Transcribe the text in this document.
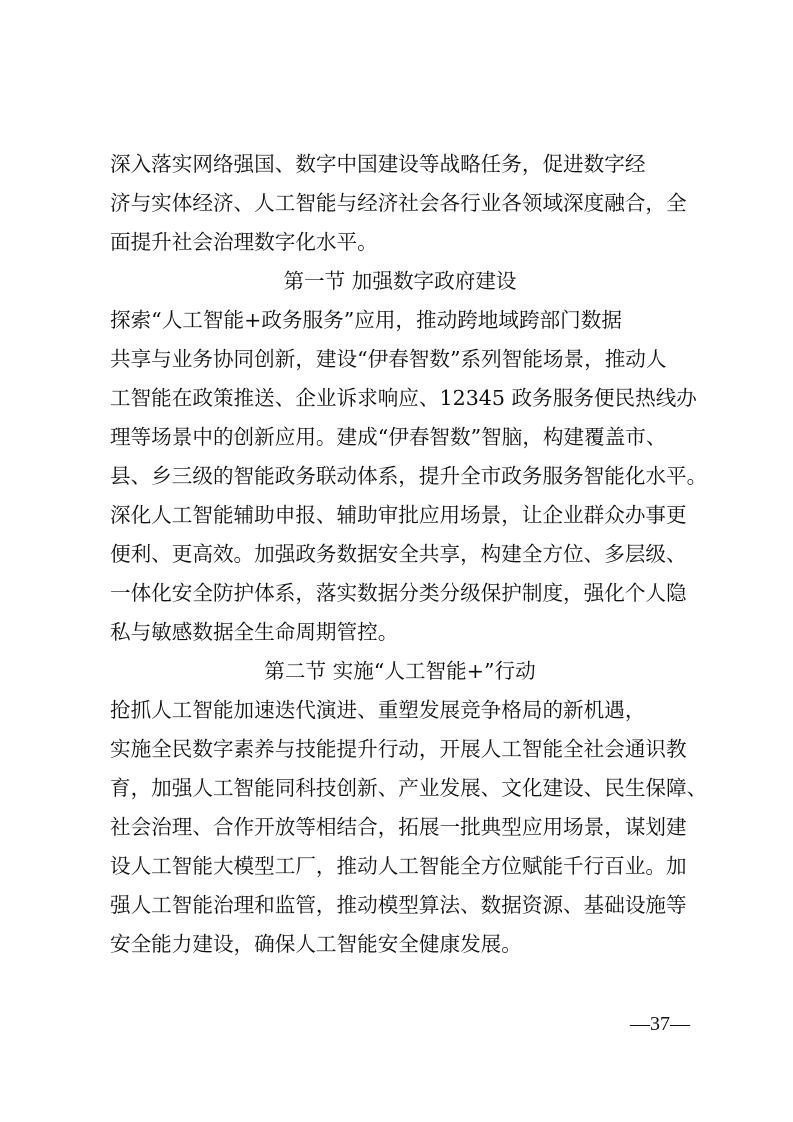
深入落实网络强国、数字中国建设等战略任务，促进数字经
济与实体经济、人工智能与经济社会各行业各领域深度融合，全
面提升社会治理数字化水平。
第一节 加强数字政府建设
探索“人工智能+政务服务”应用，推动跨地域跨部门数据
共享与业务协同创新，建设“伊春智数”系列智能场景，推动人
工智能在政策推送、企业诉求响应、12345 政务服务便民热线办
理等场景中的创新应用。建成“伊春智数”智脑，构建覆盖市、
县、乡三级的智能政务联动体系，提升全市政务服务智能化水平。
深化人工智能辅助申报、辅助审批应用场景，让企业群众办事更
便利、更高效。加强政务数据安全共享，构建全方位、多层级、
一体化安全防护体系，落实数据分类分级保护制度，强化个人隐
私与敏感数据全生命周期管控。
第二节 实施“人工智能+”行动
抢抓人工智能加速迭代演进、重塑发展竞争格局的新机遇，
实施全民数字素养与技能提升行动，开展人工智能全社会通识教
育，加强人工智能同科技创新、产业发展、文化建设、民生保障、
社会治理、合作开放等相结合，拓展一批典型应用场景，谋划建
设人工智能大模型工厂，推动人工智能全方位赋能千行百业。加
强人工智能治理和监管，推动模型算法、数据资源、基础设施等
安全能力建设，确保人工智能安全健康发展。
—37—
